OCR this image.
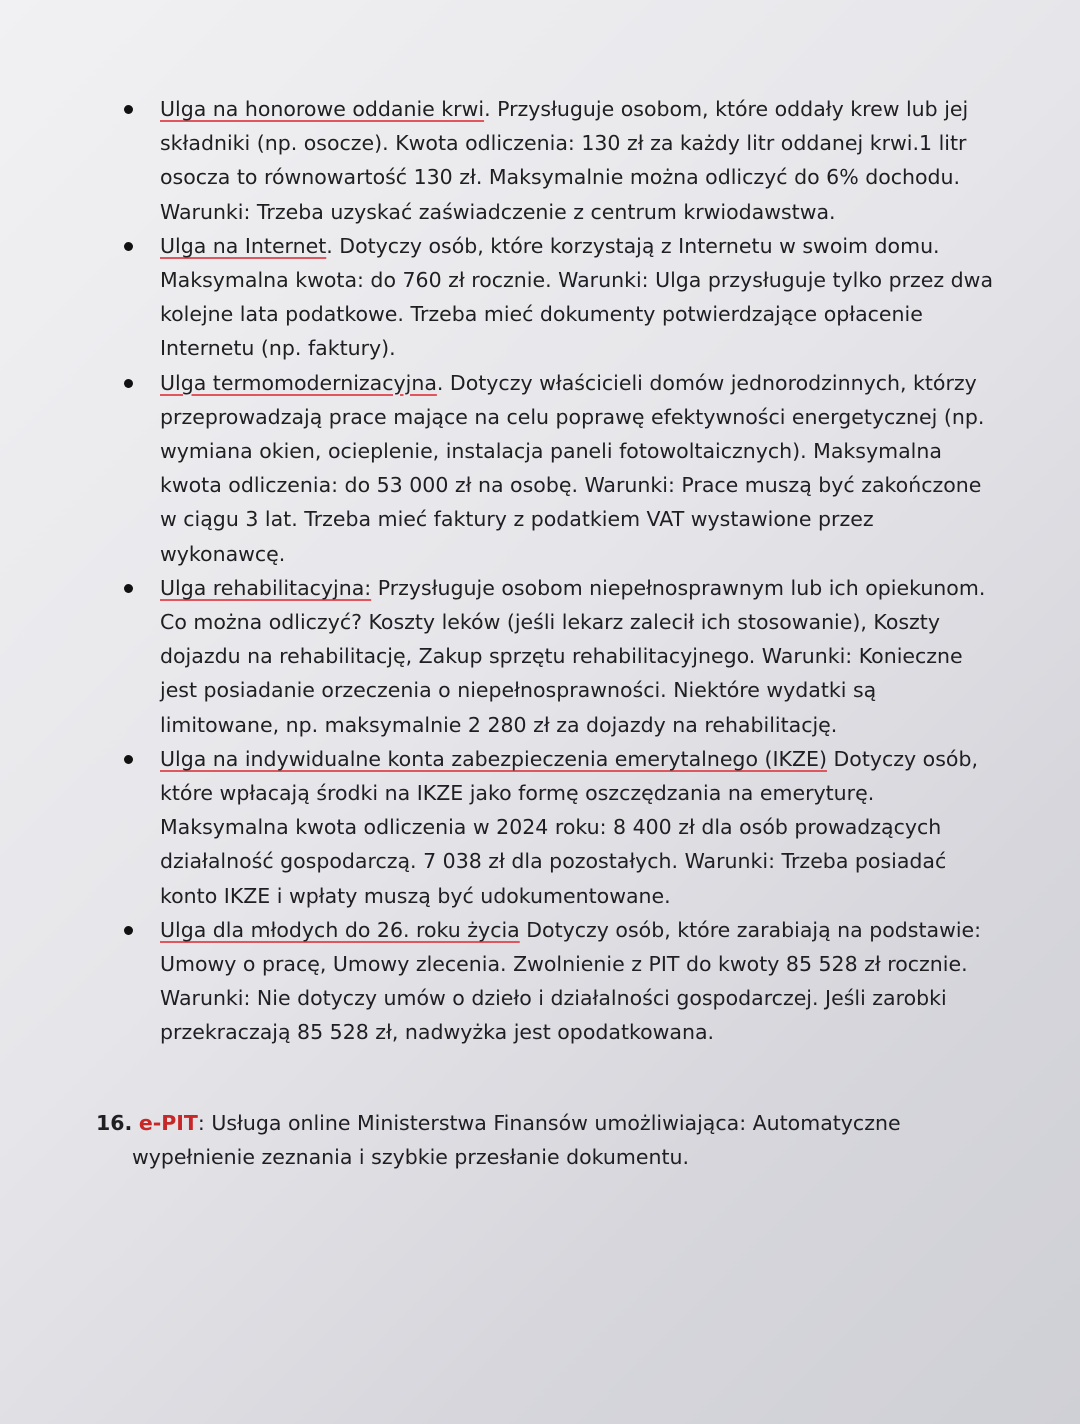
Ulga na honorowe oddanie krwi. Przysługuje osobom, które oddały krew lub jej składniki (np. osocze). Kwota odliczenia: 130 zł za każdy litr oddanej krwi.1 litr osocza to równowartość 130 zł. Maksymalnie można odliczyć do 6% dochodu. Warunki: Trzeba uzyskać zaświadczenie z centrum krwiodawstwa.
Ulga na Internet. Dotyczy osób, które korzystają z Internetu w swoim domu. Maksymalna kwota: do 760 zł rocznie. Warunki: Ulga przysługuje tylko przez dwa kolejne lata podatkowe. Trzeba mieć dokumenty potwierdzające opłacenie Internetu (np. faktury).
Ulga termomodernizacyjna. Dotyczy właścicieli domów jednorodzinnych, którzy przeprowadzają prace mające na celu poprawę efektywności energetycznej (np. wymiana okien, ocieplenie, instalacja paneli fotowoltaicznych). Maksymalna kwota odliczenia: do 53 000 zł na osobę. Warunki: Prace muszą być zakończone w ciągu 3 lat. Trzeba mieć faktury z podatkiem VAT wystawione przez wykonawcę.
Ulga rehabilitacyjna: Przysługuje osobom niepełnosprawnym lub ich opiekunom. Co można odliczyć? Koszty leków (jeśli lekarz zalecił ich stosowanie), Koszty dojazdu na rehabilitację, Zakup sprzętu rehabilitacyjnego. Warunki: Konieczne jest posiadanie orzeczenia o niepełnosprawności. Niektóre wydatki są limitowane, np. maksymalnie 2 280 zł za dojazdy na rehabilitację.
Ulga na indywidualne konta zabezpieczenia emerytalnego (IKZE) Dotyczy osób, które wpłacają środki na IKZE jako formę oszczędzania na emeryturę. Maksymalna kwota odliczenia w 2024 roku: 8 400 zł dla osób prowadzących działalność gospodarczą. 7 038 zł dla pozostałych. Warunki: Trzeba posiadać konto IKZE i wpłaty muszą być udokumentowane.
Ulga dla młodych do 26. roku życia Dotyczy osób, które zarabiają na podstawie: Umowy o pracę, Umowy zlecenia. Zwolnienie z PIT do kwoty 85 528 zł rocznie. Warunki: Nie dotyczy umów o dzieło i działalności gospodarczej. Jeśli zarobki przekraczają 85 528 zł, nadwyżka jest opodatkowana.

16. e-PIT: Usługa online Ministerstwa Finansów umożliwiająca: Automatyczne wypełnienie zeznania i szybkie przesłanie dokumentu.
